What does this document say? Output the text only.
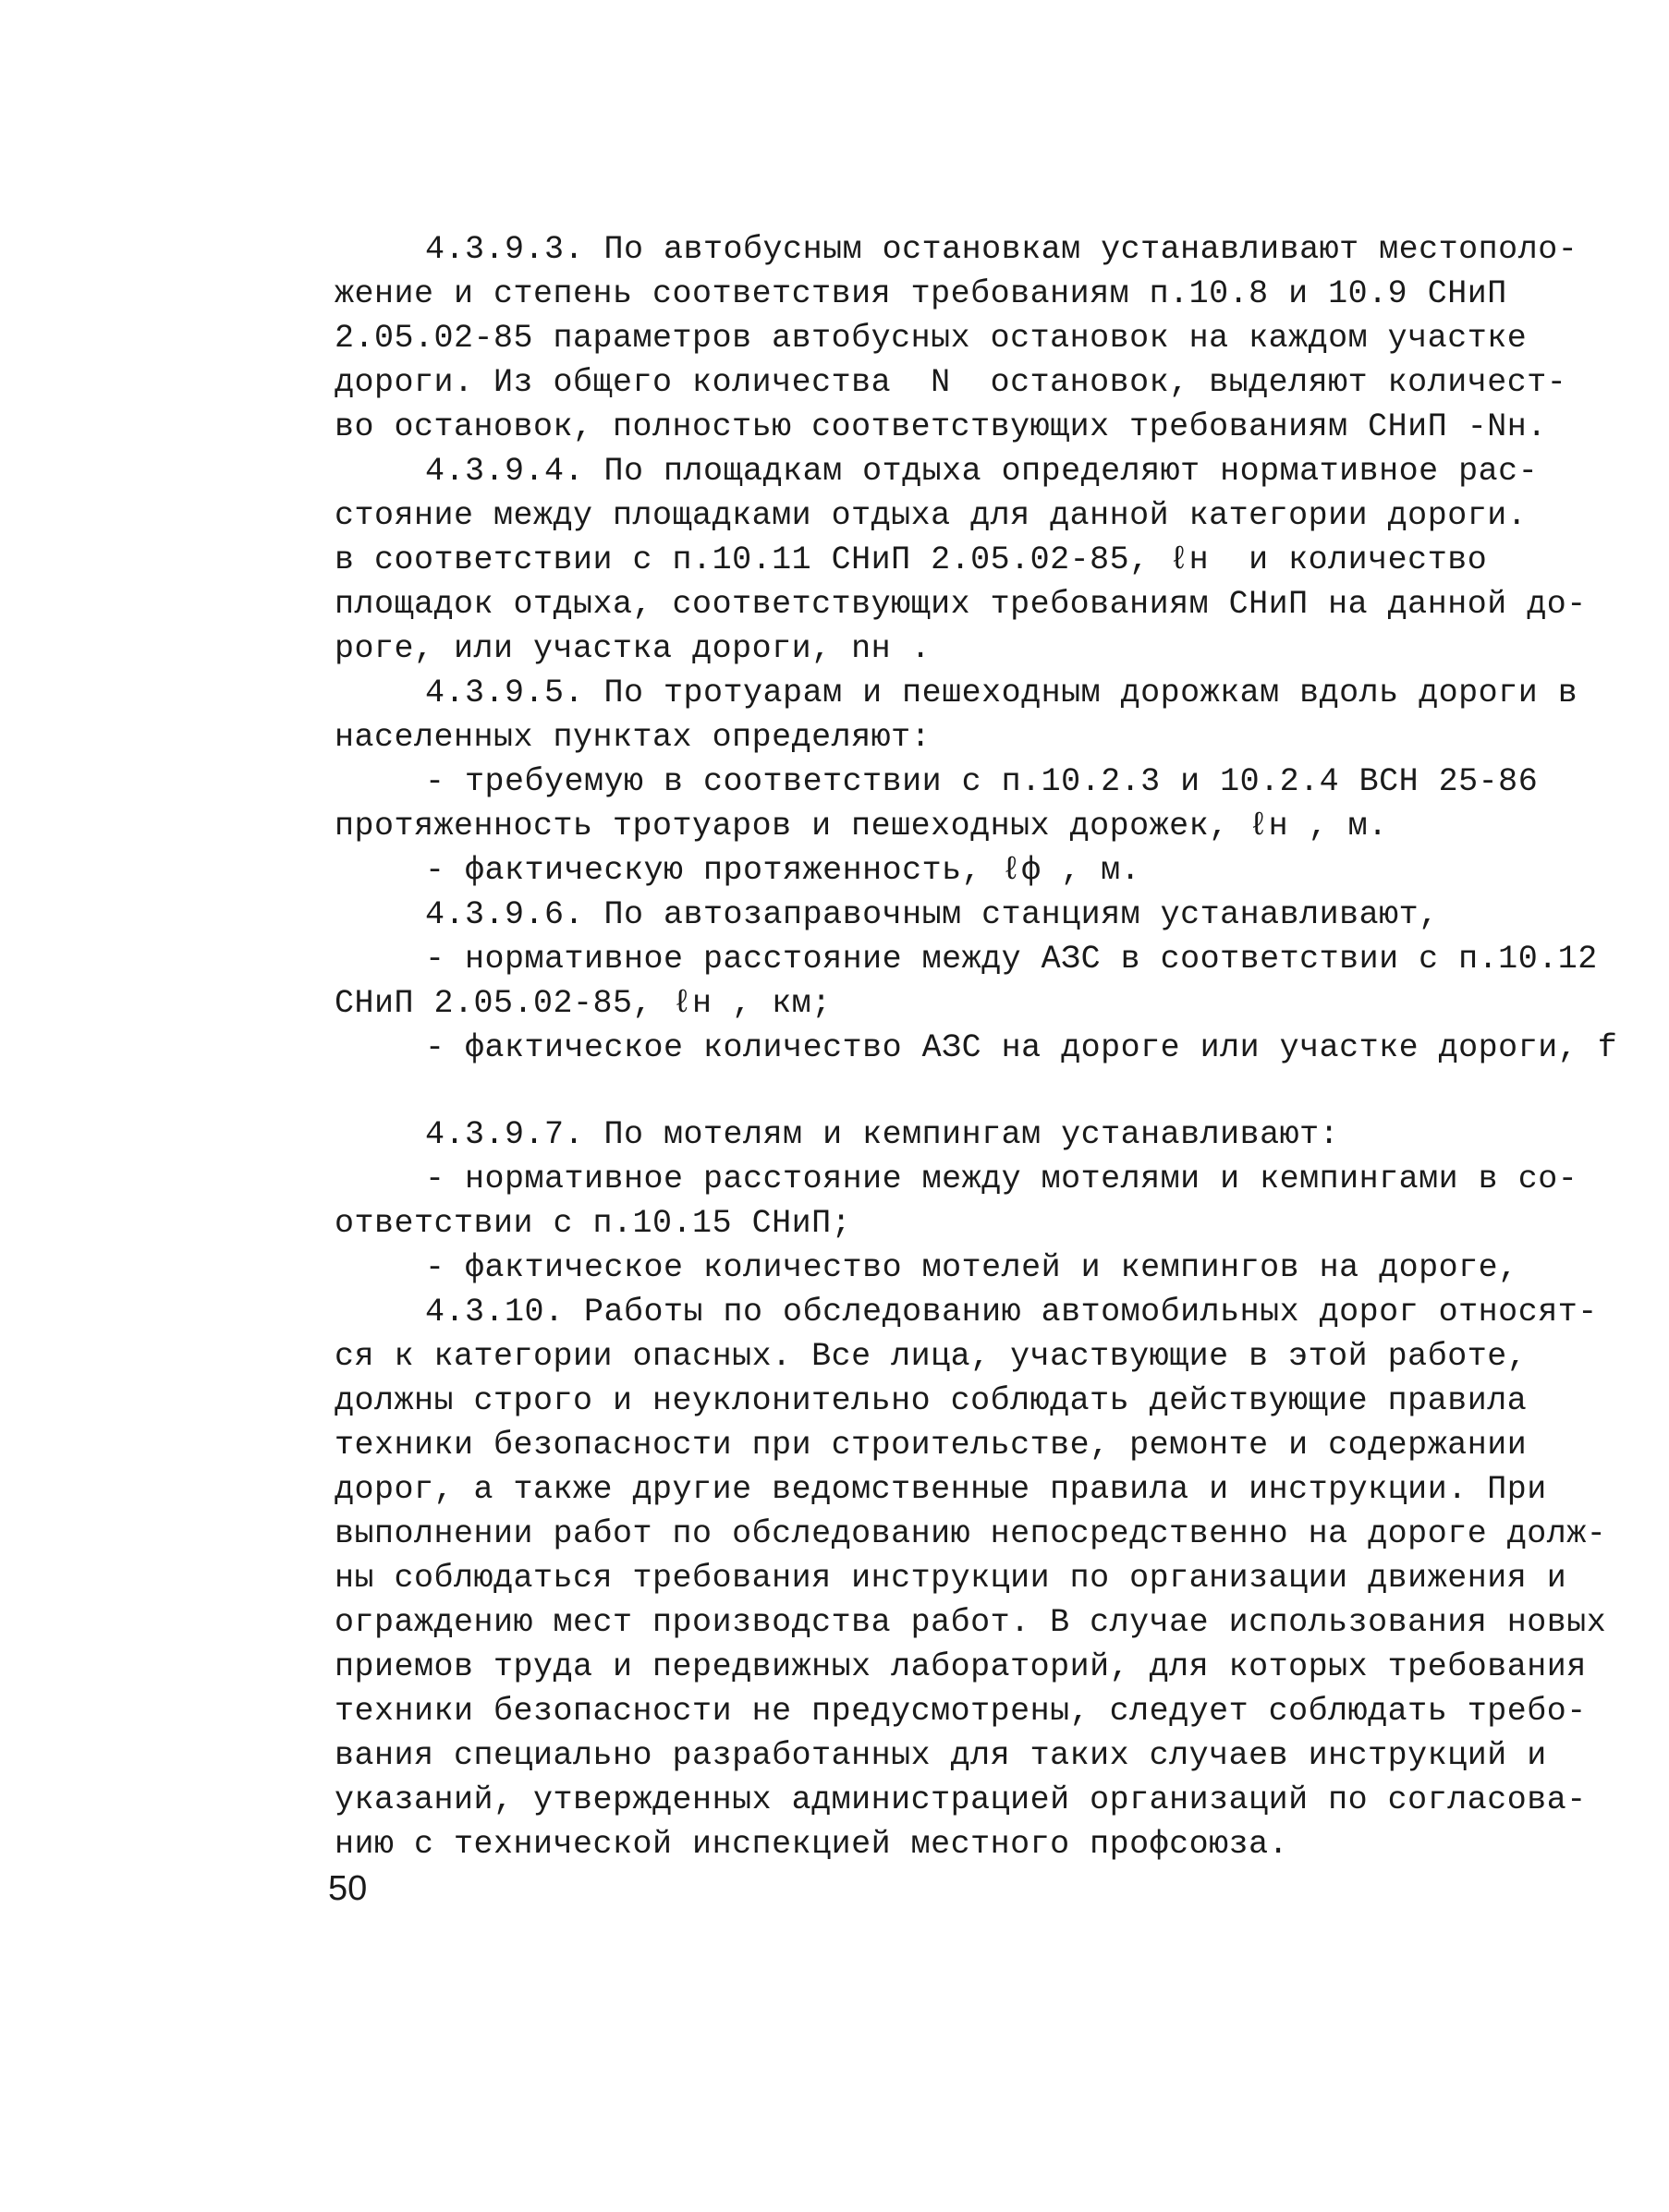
4.3.9.3. По автобусным остановкам устанавливают местополо-
жение и степень соответствия требованиям п.10.8 и 10.9 СНиП
2.05.02-85 параметров автобусных остановок на каждом участке
дороги. Из общего количества  N  остановок, выделяют количест-
во остановок, полностью соответствующих требованиям СНиП -Nн.
4.3.9.4. По площадкам отдыха определяют нормативное рас-
стояние между площадками отдыха для данной категории дороги.
в соответствии с п.10.11 СНиП 2.05.02-85, ℓн  и количество
площадок отдыха, соответствующих требованиям СНиП на данной до-
роге, или участка дороги, nн .
4.3.9.5. По тротуарам и пешеходным дорожкам вдоль дороги в
населенных пунктах определяют:
- требуемую в соответствии с п.10.2.3 и 10.2.4 ВСН 25-86
протяженность тротуаров и пешеходных дорожек, ℓн , м.
- фактическую протяженность, ℓф , м.
4.3.9.6. По автозаправочным станциям устанавливают,
- нормативное расстояние между АЗС в соответствии с п.10.12
СНиП 2.05.02-85, ℓн , км;
- фактическое количество АЗС на дороге или участке дороги, f
4.3.9.7. По мотелям и кемпингам устанавливают:
- нормативное расстояние между мотелями и кемпингами в со-
ответствии с п.10.15 СНиП;
- фактическое количество мотелей и кемпингов на дороге,
4.3.10. Работы по обследованию автомобильных дорог относят-
ся к категории опасных. Все лица, участвующие в этой работе,
должны строго и неуклонительно соблюдать действующие правила
техники безопасности при строительстве, ремонте и содержании
дорог, а также другие ведомственные правила и инструкции. При
выполнении работ по обследованию непосредственно на дороге долж-
ны соблюдаться требования инструкции по организации движения и
ограждению мест производства работ. В случае использования новых
приемов труда и передвижных лабораторий, для которых требования
техники безопасности не предусмотрены, следует соблюдать требо-
вания специально разработанных для таких случаев инструкций и
указаний, утвержденных администрацией организаций по согласова-
нию с технической инспекцией местного профсоюза.
50
